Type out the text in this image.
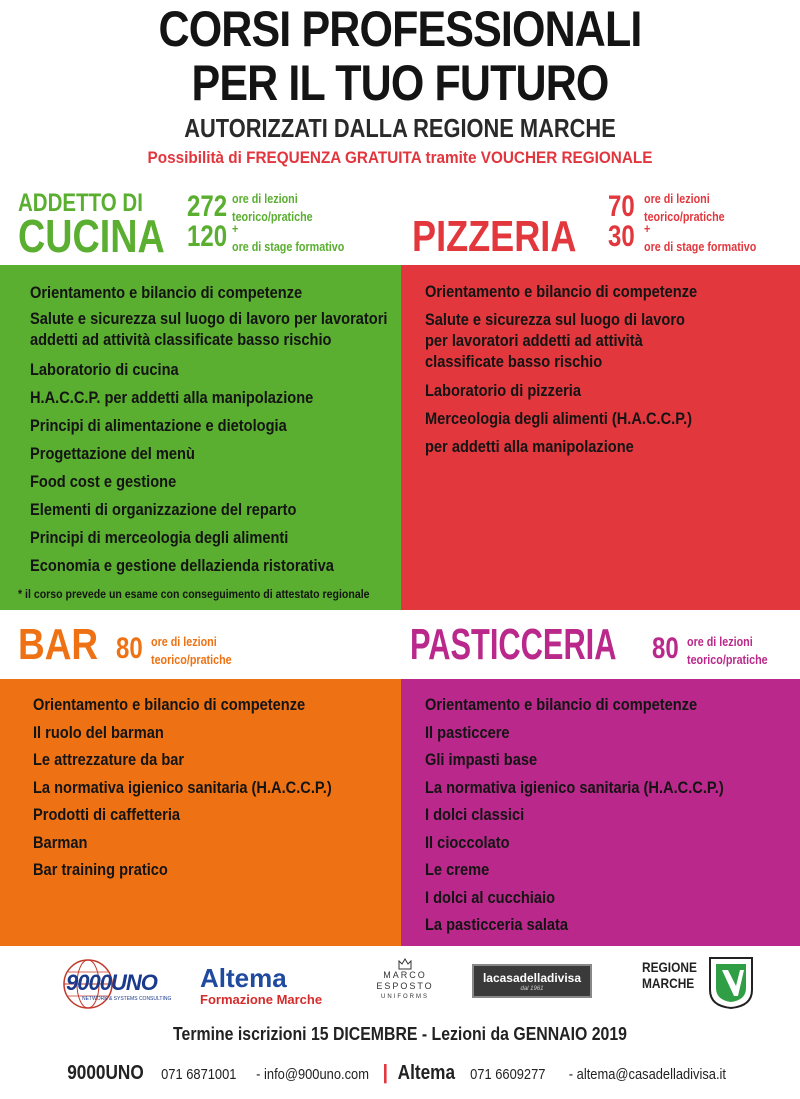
CORSI PROFESSIONALI
PER IL TUO FUTURO
AUTORIZZATI DALLA REGIONE MARCHE
Possibilità di FREQUENZA GRATUITA tramite VOUCHER REGIONALE
ADDETTO DI
CUCINA
272 ore di lezioni
teorico/pratiche
120 +
ore di stage formativo	PIZZERIA
70 ore di lezioni
teorico/pratiche
30 +
ore di stage formativo
Orientamento e bilancio di competenze
Salute e sicurezza sul luogo di lavoro per lavoratori
addetti ad attività classificate basso rischio
Laboratorio di cucina
H.A.C.C.P. per addetti alla manipolazione
Principi di alimentazione e dietologia
Progettazione del menù
Food cost e gestione
Elementi di organizzazione del reparto
Principi di merceologia degli alimenti
Economia e gestione dellazienda ristorativa
* il corso prevede un esame con conseguimento di attestato regionale
Orientamento e bilancio di competenze
Salute e sicurezza sul luogo di lavoro
per lavoratori addetti ad attività
classificate basso rischio
Laboratorio di pizzeria
Merceologia degli alimenti (H.A.C.C.P.)
per addetti alla manipolazione
BAR 80 ore di lezioni
teorico/pratiche	PASTICCERIA 80 ore di lezioni
teorico/pratiche
Orientamento e bilancio di competenze
Il ruolo del barman
Le attrezzature da bar
La normativa igienico sanitaria (H.A.C.C.P.)
Prodotti di caffetteria
Barman
Bar training pratico
Orientamento e bilancio di competenze
Il pasticcere
Gli impasti base
La normativa igienico sanitaria (H.A.C.C.P.)
I dolci classici
Il cioccolato
Le creme
I dolci al cucchiaio
La pasticceria salata
9000UNO
NETWORK & SYSTEMS CONSULTING
Altema
Formazione Marche
MARCO
ESPOSTO
UNIFORMS
lacasadelladivisa
dal 1961
REGIONE
MARCHE
Termine iscrizioni 15 DICEMBRE - Lezioni da GENNAIO 2019
9000UNO 071 6871001 - info@900uno.com | Altema 071 6609277 - altema@casadelladivisa.it
